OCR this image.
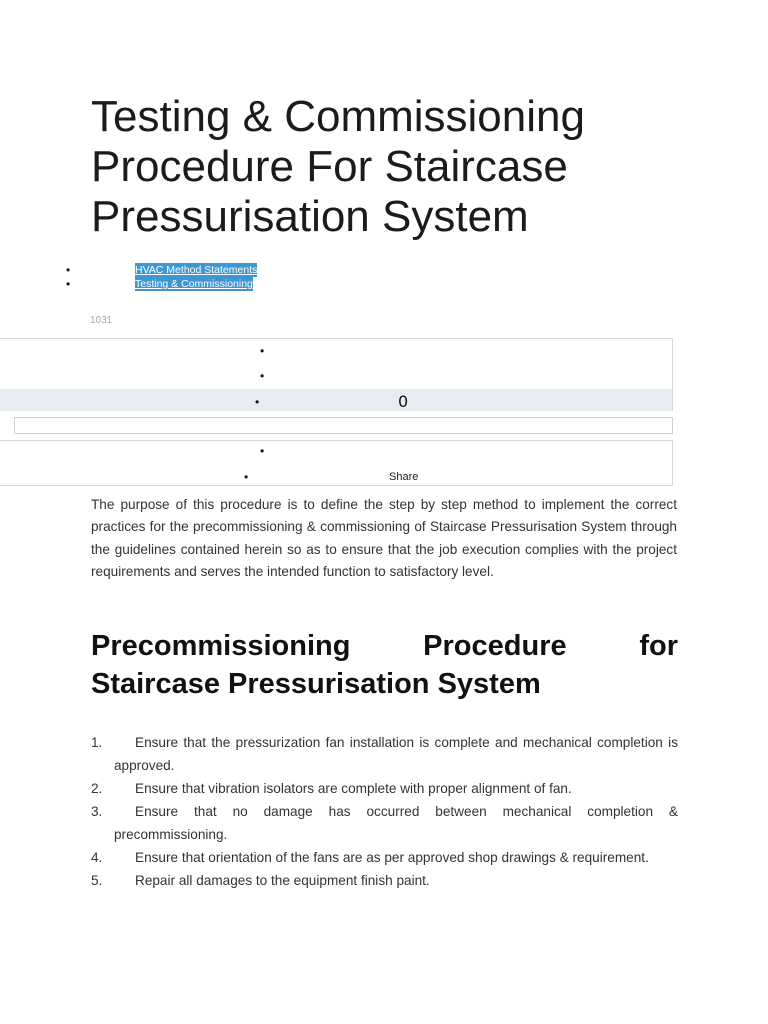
Testing & Commissioning
Procedure For Staircase
Pressurisation System
•	HVAC Method Statements
•	Testing & Commissioning
1031
•
•
•	0
•
•	Share

The purpose of this procedure is to define the step by step method to implement the correct practices for the precommissioning & commissioning of Staircase Pressurisation System through the guidelines contained herein so as to ensure that the job execution complies with the project requirements and serves the intended function to satisfactory level.

Precommissioning Procedure for Staircase Pressurisation System
1.	Ensure that the pressurization fan installation is complete and mechanical completion is approved.
2.	Ensure that vibration isolators are complete with proper alignment of fan.
3.	Ensure that no damage has occurred between mechanical completion & precommissioning.
4.	Ensure that orientation of the fans are as per approved shop drawings & requirement.
5.	Repair all damages to the equipment finish paint.
